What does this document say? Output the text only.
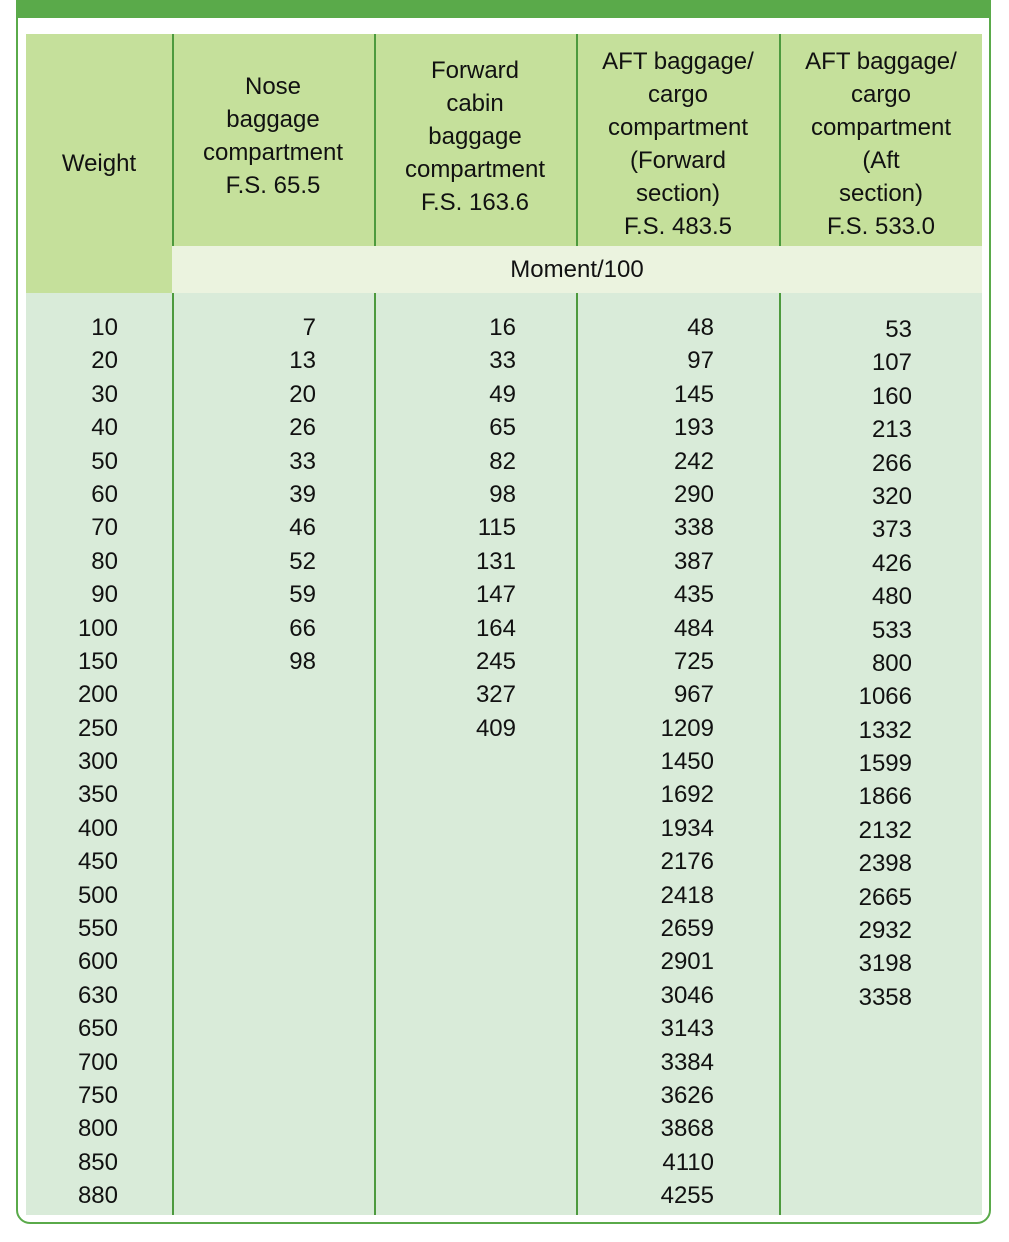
Weight
Nose
baggage
compartment
F.S. 65.5
Forward
cabin
baggage
compartment
F.S. 163.6
AFT baggage/
cargo
compartment
(Forward
section)
F.S. 483.5
AFT baggage/
cargo
compartment
(Aft
section)
F.S. 533.0
Moment/100
10
20
30
40
50
60
70
80
90
100
150
200
250
300
350
400
450
500
550
600
630
650
700
750
800
850
880
7
13
20
26
33
39
46
52
59
66
98
16
33
49
65
82
98
115
131
147
164
245
327
409
48
97
145
193
242
290
338
387
435
484
725
967
1209
1450
1692
1934
2176
2418
2659
2901
3046
3143
3384
3626
3868
4110
4255
53
107
160
213
266
320
373
426
480
533
800
1066
1332
1599
1866
2132
2398
2665
2932
3198
3358
